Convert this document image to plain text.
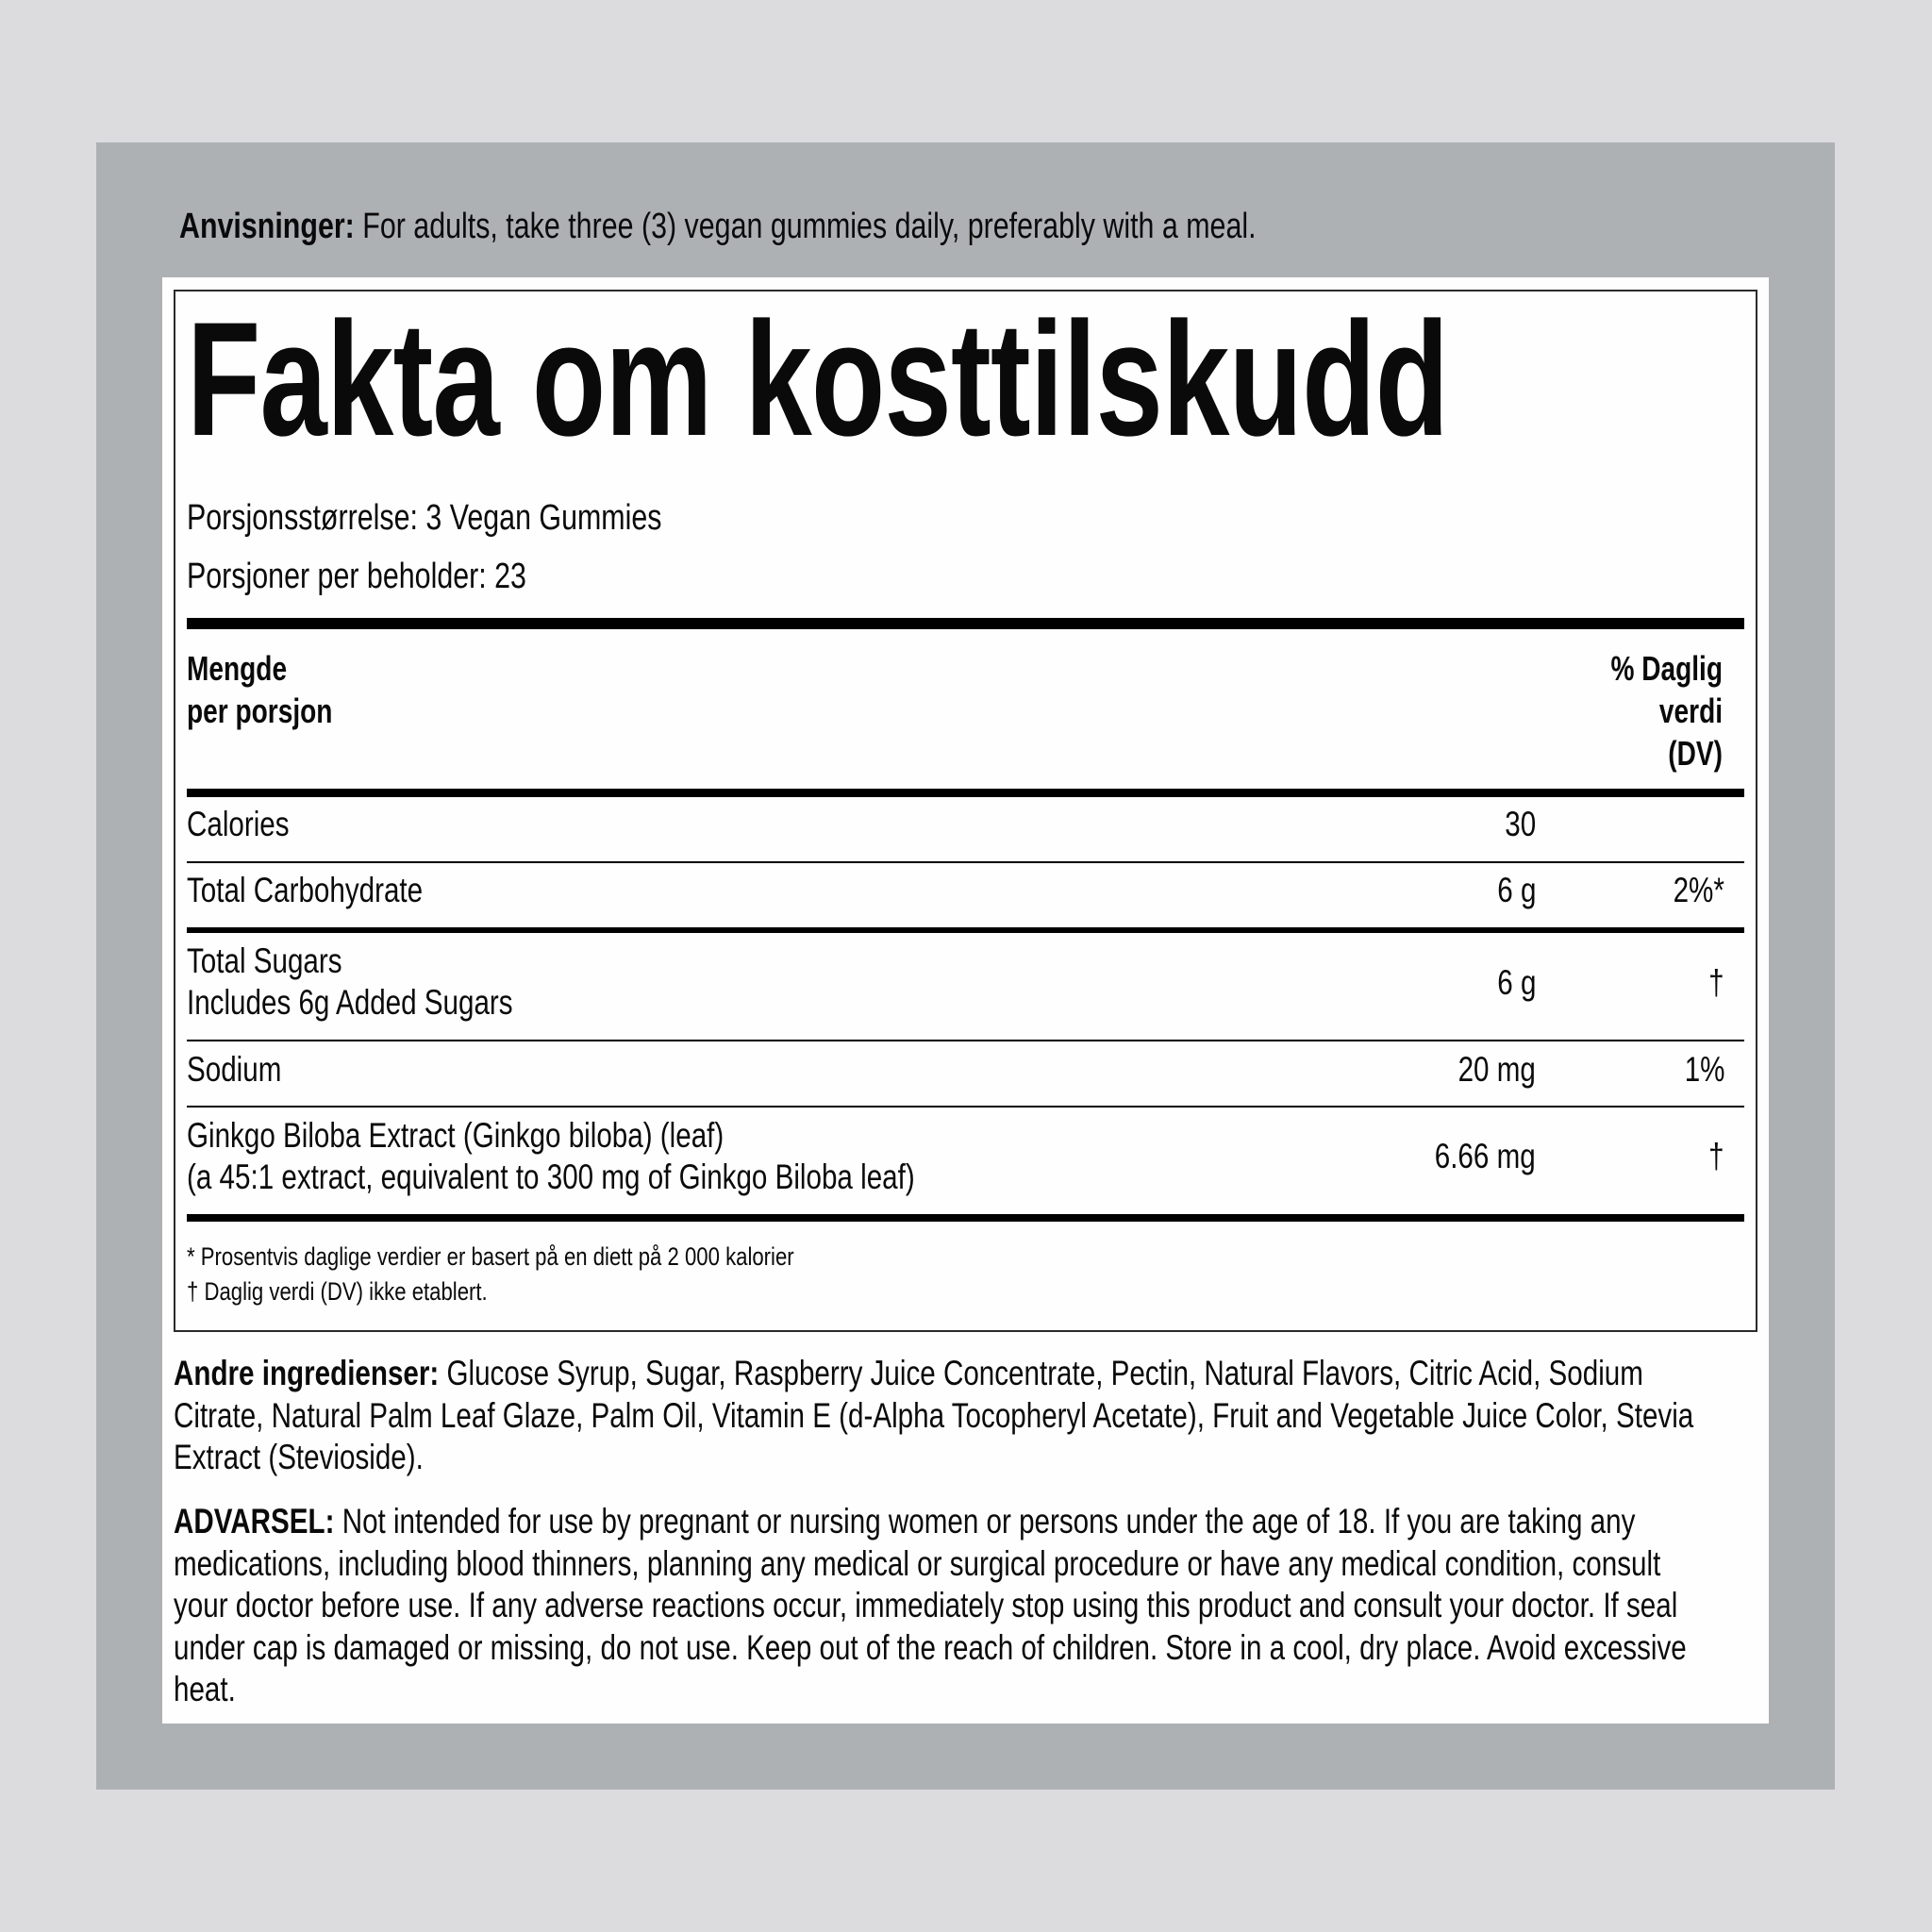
Anvisninger: For adults, take three (3) vegan gummies daily, preferably with a meal.
Fakta om kosttilskudd
Porsjonsstørrelse: 3 Vegan Gummies
Porsjoner per beholder: 23
Mengde
per porsjon
% Daglig
verdi
(DV)
Calories	30
Total Carbohydrate	6 g	2%*
Total Sugars
Includes 6g Added Sugars
6 g	†
Sodium	20 mg	1%
Ginkgo Biloba Extract (Ginkgo biloba) (leaf)
(a 45:1 extract, equivalent to 300 mg of Ginkgo Biloba leaf)
6.66 mg	†
* Prosentvis daglige verdier er basert på en diett på 2 000 kalorier
† Daglig verdi (DV) ikke etablert.
Andre ingredienser: Glucose Syrup, Sugar, Raspberry Juice Concentrate, Pectin, Natural Flavors, Citric Acid, Sodium
Citrate, Natural Palm Leaf Glaze, Palm Oil, Vitamin E (d-Alpha Tocopheryl Acetate), Fruit and Vegetable Juice Color, Stevia
Extract (Stevioside).
ADVARSEL: Not intended for use by pregnant or nursing women or persons under the age of 18. If you are taking any
medications, including blood thinners, planning any medical or surgical procedure or have any medical condition, consult
your doctor before use. If any adverse reactions occur, immediately stop using this product and consult your doctor. If seal
under cap is damaged or missing, do not use. Keep out of the reach of children. Store in a cool, dry place. Avoid excessive
heat.
